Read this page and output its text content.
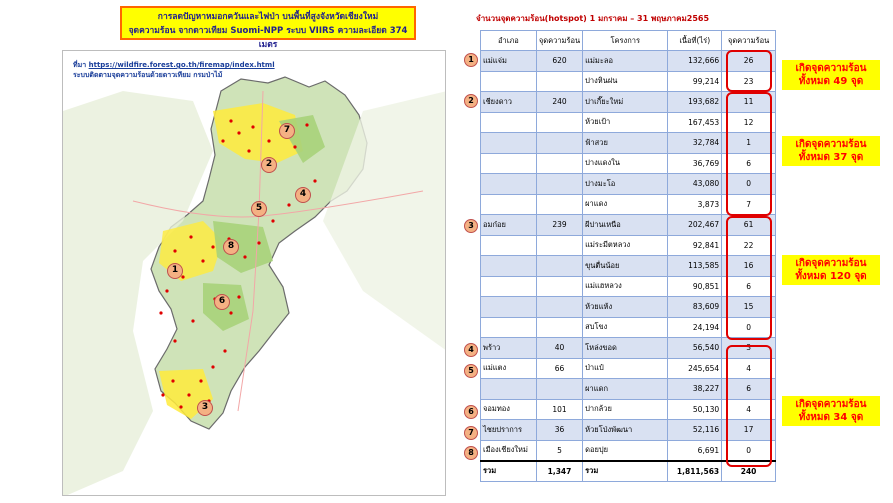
การลดปัญหาหมอกควันและไฟป่า บนพื้นที่สูงจังหวัดเชียงใหม่
จุดความร้อน จากดาวเทียม Suomi-NPP ระบบ VIIRS ความละเอียด 374 เมตร
ที่มา https://wildfire.forest.go.th/firemap/index.html
ระบบติดตามจุดความร้อนด้วยดาวเทียม กรมป่าไม้
1
2
3
4
5
6
7
8
จำนวนจุดความร้อน(hotspot) 1 มกราคม – 31 พฤษภาคม2565
อำเภอ	จุดความร้อน	โครงการ	เนื้อที่(ไร่)	จุดความร้อน
แม่แจ่ม	620	แม่มะลอ	132,666	26
		ปางหินฝน	99,214	23
เชียงดาว	240	ปาเกี๊ยะใหม่	193,682	11
		ห้วยเป้า	167,453	12
		ฟ้าสวย	32,784	1
		ปางแดงใน	36,769	6
		ปางมะโอ	43,080	0
		ผาแดง	3,873	7
อมก๋อย	239	ผีปานเหนือ	202,467	61
		แม่ระมีตหลวง	92,841	22
		ขุนตื่นน้อย	113,585	16
		แม่แฮหลวง	90,851	6
		ห้วยแห้ง	83,609	15
		สบโขง	24,194	0
พร้าว	40	โหล่งขอด	56,540	3
แม่แตง	66	ป่าแป๋	245,654	4
		ผาแดก	38,227	6
จอมทอง	101	ปากล้วย	50,130	4
ไชยปราการ	36	ห้วยโป่งพัฒนา	52,116	17
เมืองเชียงใหม่	5	ดอยปุย	6,691	0
รวม	1,347	รวม	1,811,563	240
1
2
3
4
5
6
7
8
เกิดจุดความร้อน
ทั้งหมด 49 จุด
เกิดจุดความร้อน
ทั้งหมด 37 จุด
เกิดจุดความร้อน
ทั้งหมด 120 จุด
เกิดจุดความร้อน
ทั้งหมด 34 จุด
